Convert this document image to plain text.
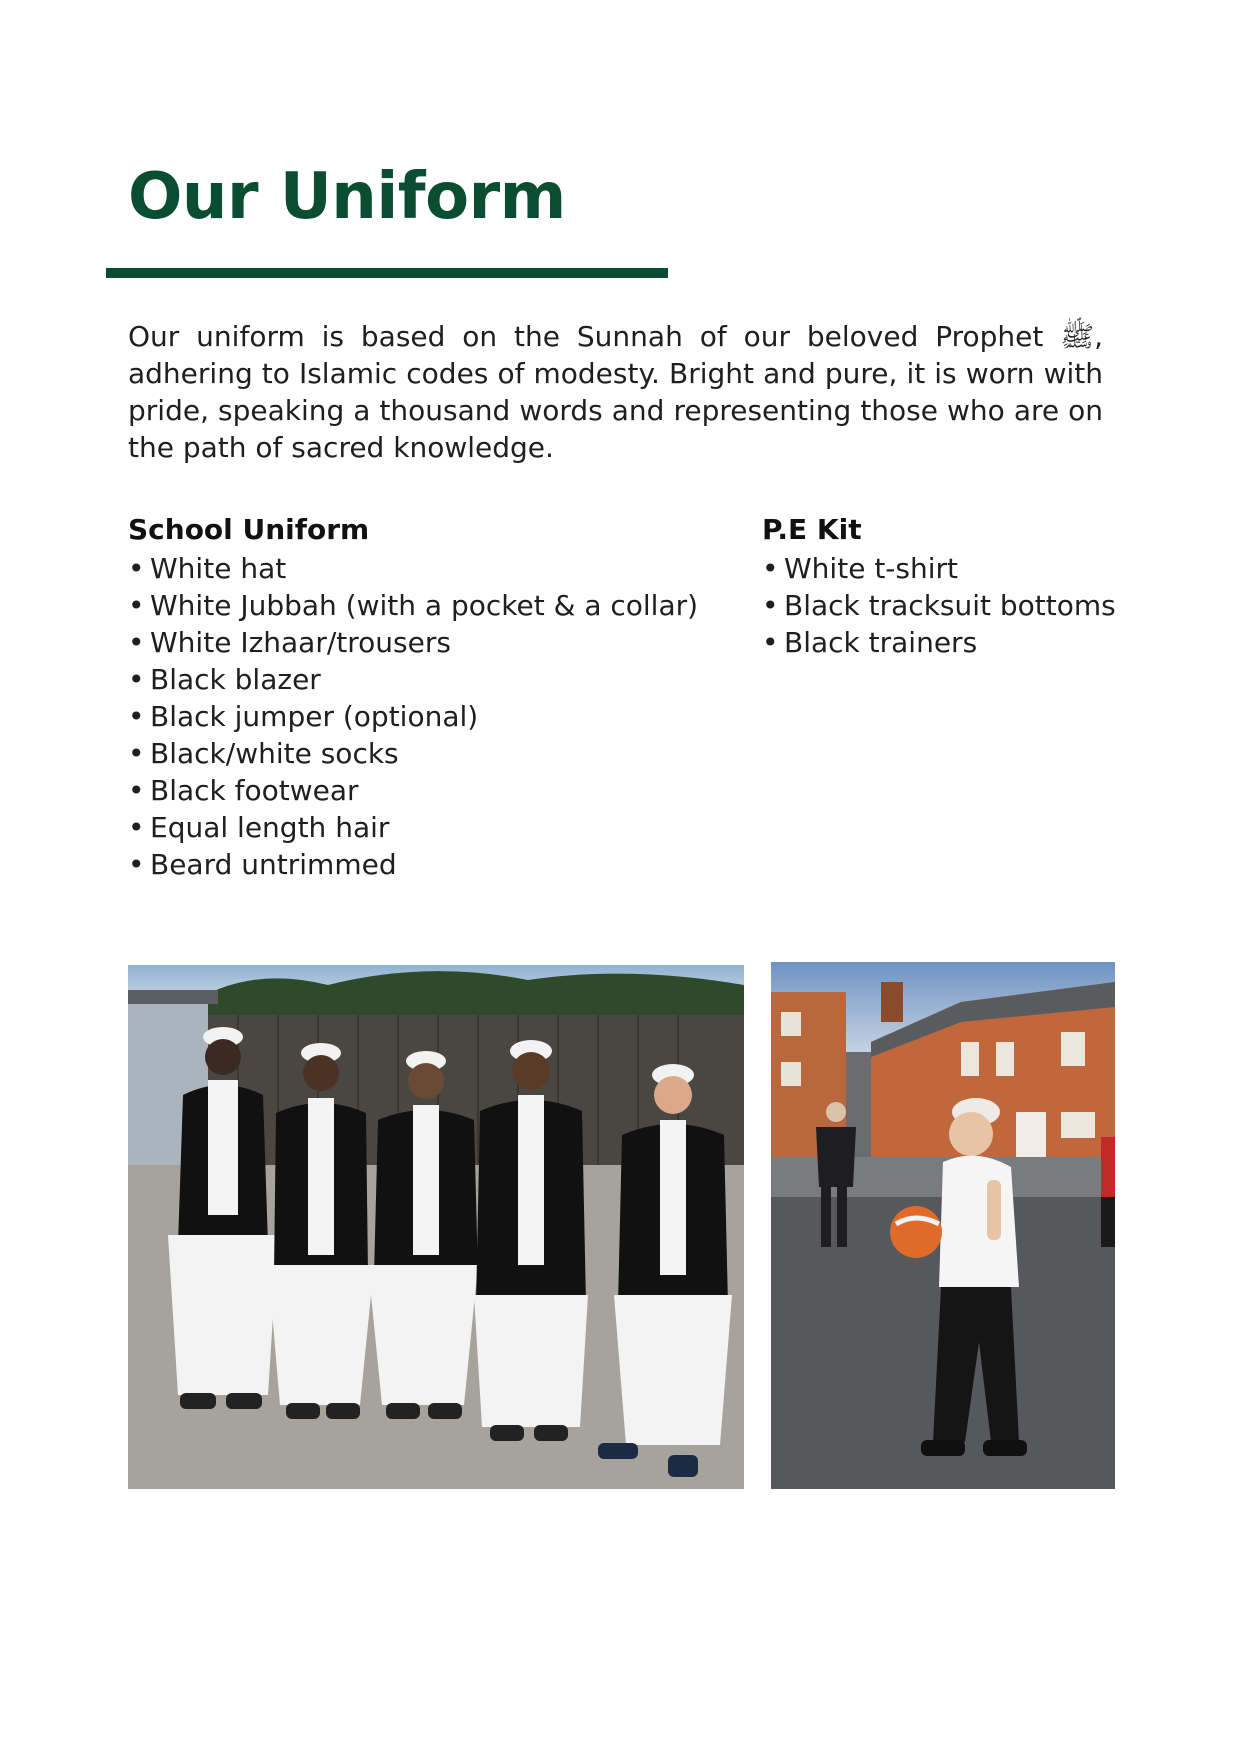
Our Uniform

Our uniform is based on the Sunnah of our beloved Prophet ﷺ, adhering to Islamic codes of modesty. Bright and pure, it is worn with pride, speaking a thousand words and representing those who are on the path of sacred knowledge.

School Uniform
• White hat
• White Jubbah (with a pocket & a collar)
• White Izhaar/trousers
• Black blazer
• Black jumper (optional)
• Black/white socks
• Black footwear
• Equal length hair
• Beard untrimmed
P.E Kit
• White t-shirt
• Black tracksuit bottoms
• Black trainers
